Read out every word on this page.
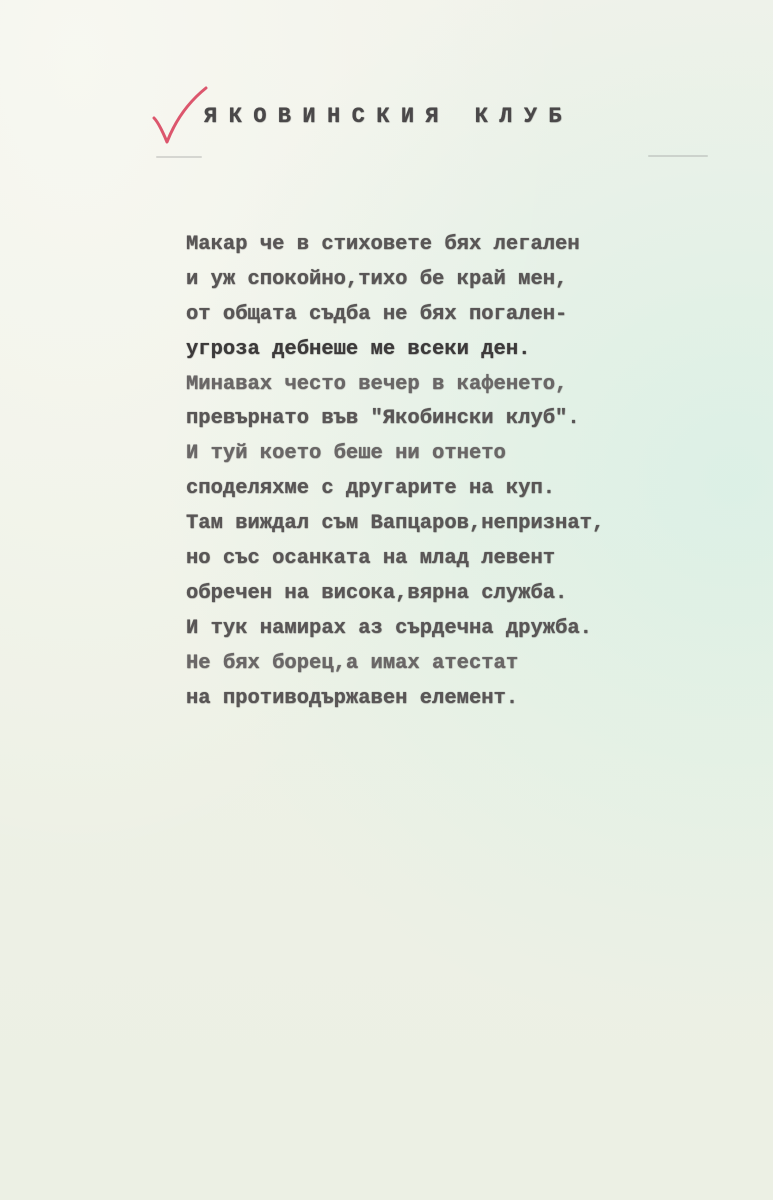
ЯКОВИНСКИЯ КЛУБ
Макар че в стиховете бях легален
и уж спокойно,тихо бе край мен,
от общата съдба не бях погален-
угроза дебнеше ме всеки ден.
Минавах често вечер в кафенето,
превърнато във "Якобински клуб".
И туй което беше ни отнето
споделяхме с другарите на куп.
Там виждал съм Вапцаров,непризнат,
но със осанката на млад левент
обречен на висока,вярна служба.
И тук намирах аз сърдечна дружба.
Не бях борец,а имах атестат
на противодържавен елемент.
